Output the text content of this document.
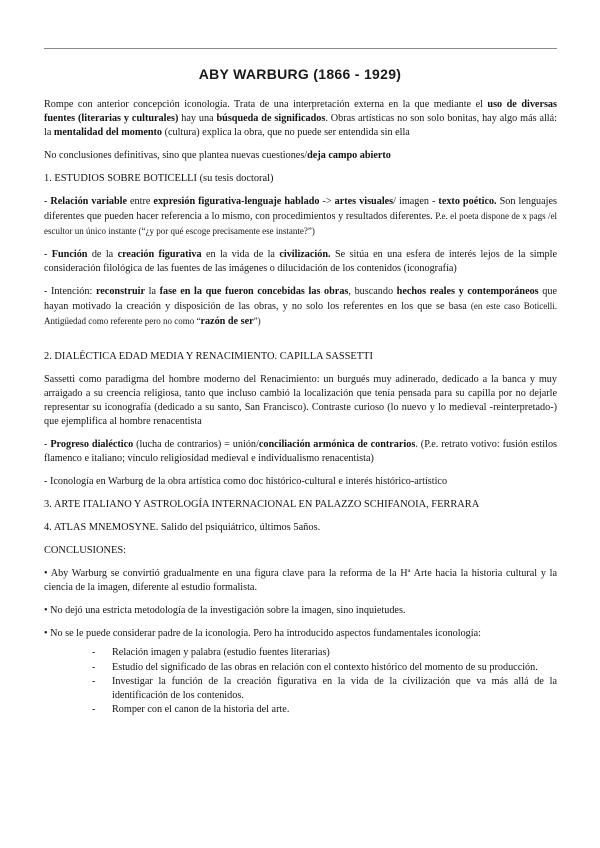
ABY WARBURG (1866 - 1929)

Rompe con anterior concepción iconología. Trata de una interpretación externa en la que mediante el uso de diversas fuentes (literarias y culturales) hay una búsqueda de significados. Obras artísticas no son solo bonitas, hay algo más allá: la mentalidad del momento (cultura) explica la obra, que no puede ser entendida sin ella

No conclusiones definitivas, sino que plantea nuevas cuestiones/deja campo abierto

1. ESTUDIOS SOBRE BOTICELLI (su tesis doctoral)

- Relación variable entre expresión figurativa-lenguaje hablado -> artes visuales/ imagen - texto poético. Son lenguajes diferentes que pueden hacer referencia a lo mismo, con procedimientos y resultados diferentes. P.e. el poeta dispone de x pags /el escultor un único instante (“¿y por qué escoge precisamente ese instante?”)

- Función de la creación figurativa en la vida de la civilización. Se sitúa en una esfera de interés lejos de la simple consideración filológica de las fuentes de las imágenes o dilucidación de los contenidos (iconografía)

- Intención: reconstruir la fase en la que fueron concebidas las obras, buscando hechos reales y contemporáneos que hayan motivado la creación y disposición de las obras, y no solo los referentes en los que se basa (en este caso Boticelli. Antigüedad como referente pero no como “razón de ser”)

2. DIALÉCTICA EDAD MEDIA Y RENACIMIENTO. CAPILLA SASSETTI

Sassetti como paradigma del hombre moderno del Renacimiento: un burgués muy adinerado, dedicado a la banca y muy arraigado a su creencia religiosa, tanto que incluso cambió la localización que tenía pensada para su capilla por no dejarle representar su iconografía (dedicado a su santo, San Francisco). Contraste curioso (lo nuevo y lo medieval -reinterpretado-) que ejemplifica al hombre renacentista

- Progreso dialéctico (lucha de contrarios) = unión/conciliación armónica de contrarios. (P.e. retrato votivo: fusión estilos flamenco e italiano; vínculo religiosidad medieval e individualismo renacentista)

- Iconología en Warburg de la obra artística como doc histórico-cultural e interés histórico-artístico

3. ARTE ITALIANO Y ASTROLOGÍA INTERNACIONAL EN PALAZZO SCHIFANOIA, FERRARA

4. ATLAS MNEMOSYNE. Salido del psiquiátrico, últimos 5años.

CONCLUSIONES:

• Aby Warburg se convirtió gradualmente en una figura clave para la reforma de la Hª Arte hacia la historia cultural y la ciencia de la imagen, diferente al estudio formalista.

• No dejó una estricta metodología de la investigación sobre la imagen, sino inquietudes.

• No se le puede considerar padre de la iconología. Pero ha introducido aspectos fundamentales iconología:

- Relación imagen y palabra (estudio fuentes literarias)
- Estudio del significado de las obras en relación con el contexto histórico del momento de su producción.
- Investigar la función de la creación figurativa en la vida de la civilización que va más allá de la identificación de los contenidos.
- Romper con el canon de la historia del arte.
